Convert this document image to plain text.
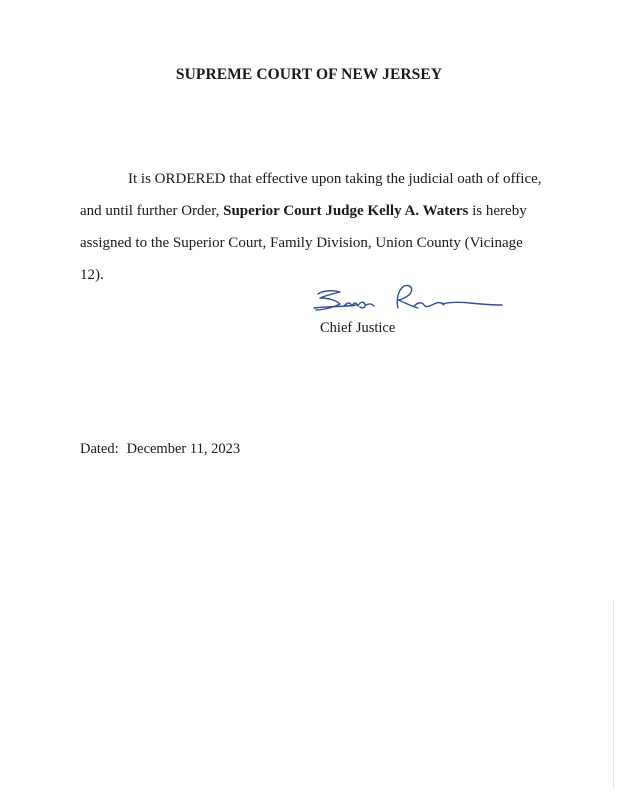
SUPREME COURT OF NEW JERSEY
It is ORDERED that effective upon taking the judicial oath of office,
and until further Order, Superior Court Judge Kelly A. Waters is hereby
assigned to the Superior Court, Family Division, Union County (Vicinage
12).
Chief Justice
Dated: December 11, 2023
